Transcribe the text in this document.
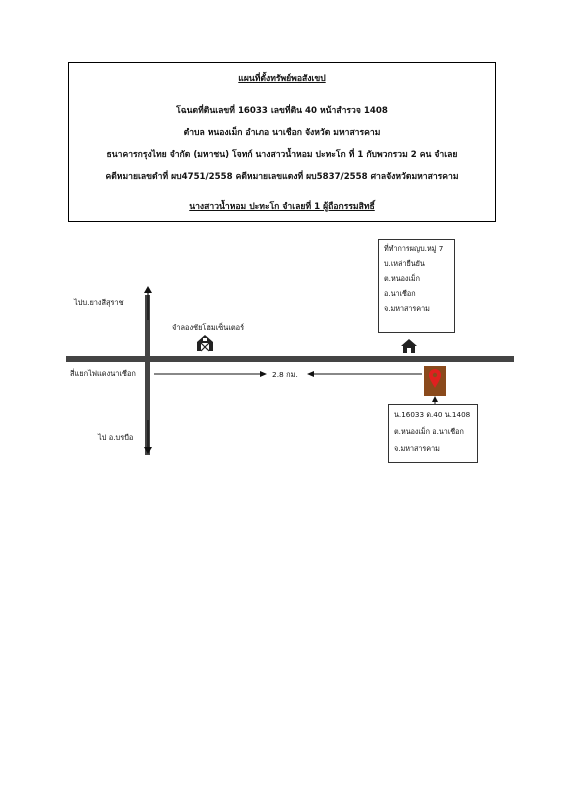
แผนที่ตั้งทรัพย์พอสังเขป
โฉนดที่ดินเลขที่ 16033 เลขที่ดิน 40 หน้าสำรวจ 1408
ตำบล หนองเม็ก อำเภอ นาเชือก จังหวัด มหาสารคาม
ธนาคารกรุงไทย จำกัด (มหาชน) โจทก์ นางสาวน้ำหอม ปะทะโก ที่ 1 กับพวกรวม 2 คน จำเลย
คดีหมายเลขดำที่ ผบ4751/2558 คดีหมายเลขแดงที่ ผบ5837/2558 ศาลจังหวัดมหาสารคาม
นางสาวน้ำหอม ปะทะโก จำเลยที่ 1 ผู้ถือกรรมสิทธิ์
ไปบ.ยางสีสุราช
ไป อ.บรบือ
สี่แยกไฟแดงนาเชือก	2.8 กม.
จำลองชัยโฮมเซ็นเตอร์
ที่ทำการผญบ.หมู่ 7
บ.เหล่ายืนยัน
ต.หนองเม็ก
อ.นาเชือก
จ.มหาสารคาม
น.16033 ด.40 น.1408
ต.หนองเม็ก อ.นาเชือก
จ.มหาสารคาม
